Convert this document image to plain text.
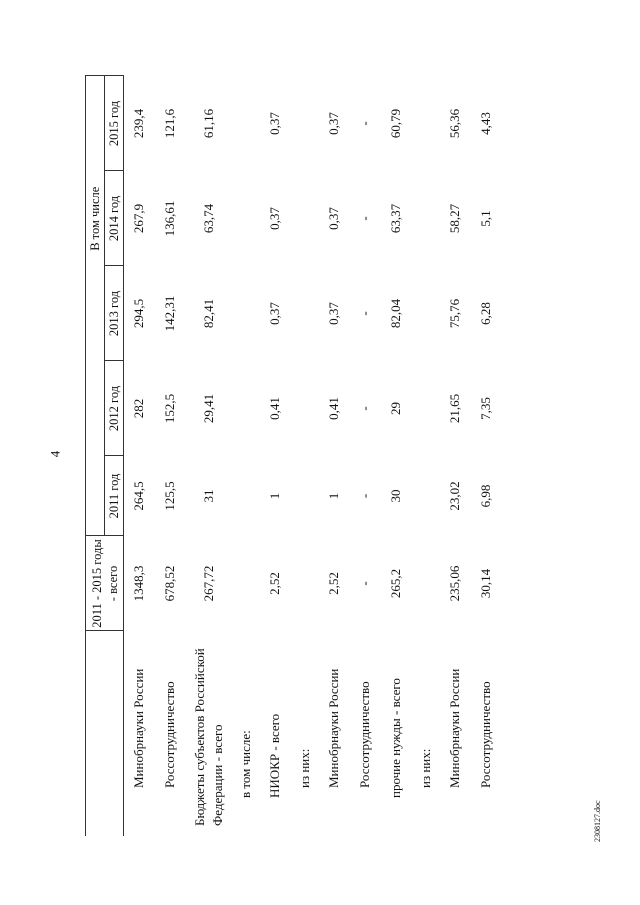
4
	2011 - 2015 годы - всего			В том числе		
		2011 год	2012 год	2013 год	2014 год	2015 год
Минобрнауки России	1348,3	264,5	282	294,5	267,9	239,4
Россотрудничество	678,52	125,5	152,5	142,31	136,61	121,6
Бюджеты субъектов Российской Федерации - всего	267,72	31	29,41	82,41	63,74	61,16
в том числе:						
НИОКР - всего	2,52	1	0,41	0,37	0,37	0,37
из них:						
Минобрнауки России	2,52	1	0,41	0,37	0,37	0,37
Россотрудничество	-	-	-	-	-	-
прочие нужды - всего	265,2	30	29	82,04	63,37	60,79
из них:						
Минобрнауки России	235,06	23,02	21,65	75,76	58,27	56,36
Россотрудничество	30,14	6,98	7,35	6,28	5,1	4,43
2308127.doc
